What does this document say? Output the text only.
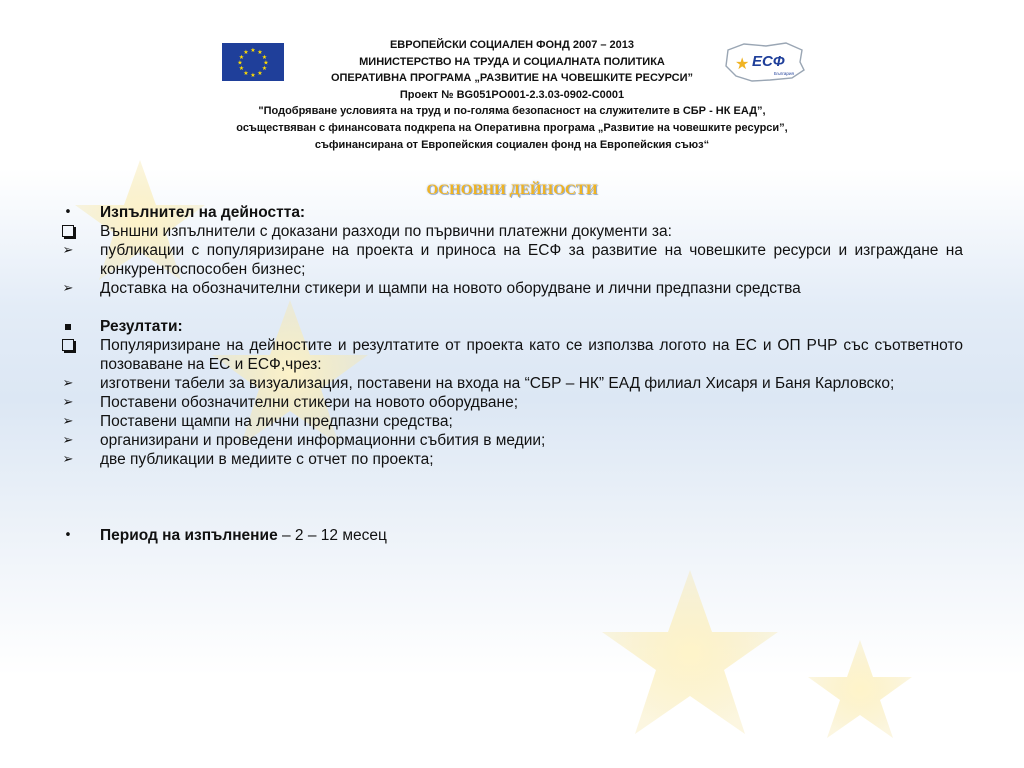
★ ★
★
★
★
★
★
★
★
★
★
★
ЕВРОПЕЙСКИ СОЦИАЛЕН ФОНД 2007 – 2013
МИНИСТЕРСТВО НА ТРУДА И СОЦИАЛНАТА ПОЛИТИКА
ОПЕРАТИВНА ПРОГРАМА „РАЗВИТИЕ НА ЧОВЕШКИТЕ РЕСУРСИ”
Проект № BG051PO001-2.3.03-0902-C0001
"Подобряване условията на труд и по-голяма безопасност на служителите в СБР - НК ЕАД”,
осъществяван с финансовата подкрепа на Оперативна програма „Развитие на човешките ресурси”,
съфинансирана от Европейския социален фонд на Европейския съюз“
★ ЕСФ
България
ОСНОВНИ ДЕЙНОСТИ
•	Изпълнител на дейността:
Външни изпълнители с доказани разходи по първични платежни документи за:
➢ публикации с популяризиране на проекта и приноса на ЕСФ за развитие на човешките ресурси и изграждане на конкурентоспособен бизнес;
➢ Доставка на обозначителни стикери и щампи на новото оборудване и лични предпазни средства
Резултати:
Популяризиране на дейностите и резултатите от проекта като се използва логото на ЕС и ОП РЧР със съответното позоваване на ЕС и ЕСФ,чрез:
➢ изготвени табели за визуализация, поставени на входа на “СБР – НК” ЕАД филиал Хисаря и Баня Карловско;
➢ Поставени обозначителни стикери на новото оборудване;
➢ Поставени щампи на лични предпазни средства;
➢ организирани и проведени информационни събития в медии;
➢ две публикации в медиите с отчет по проекта;
•	Период на изпълнение – 2 – 12 месец
